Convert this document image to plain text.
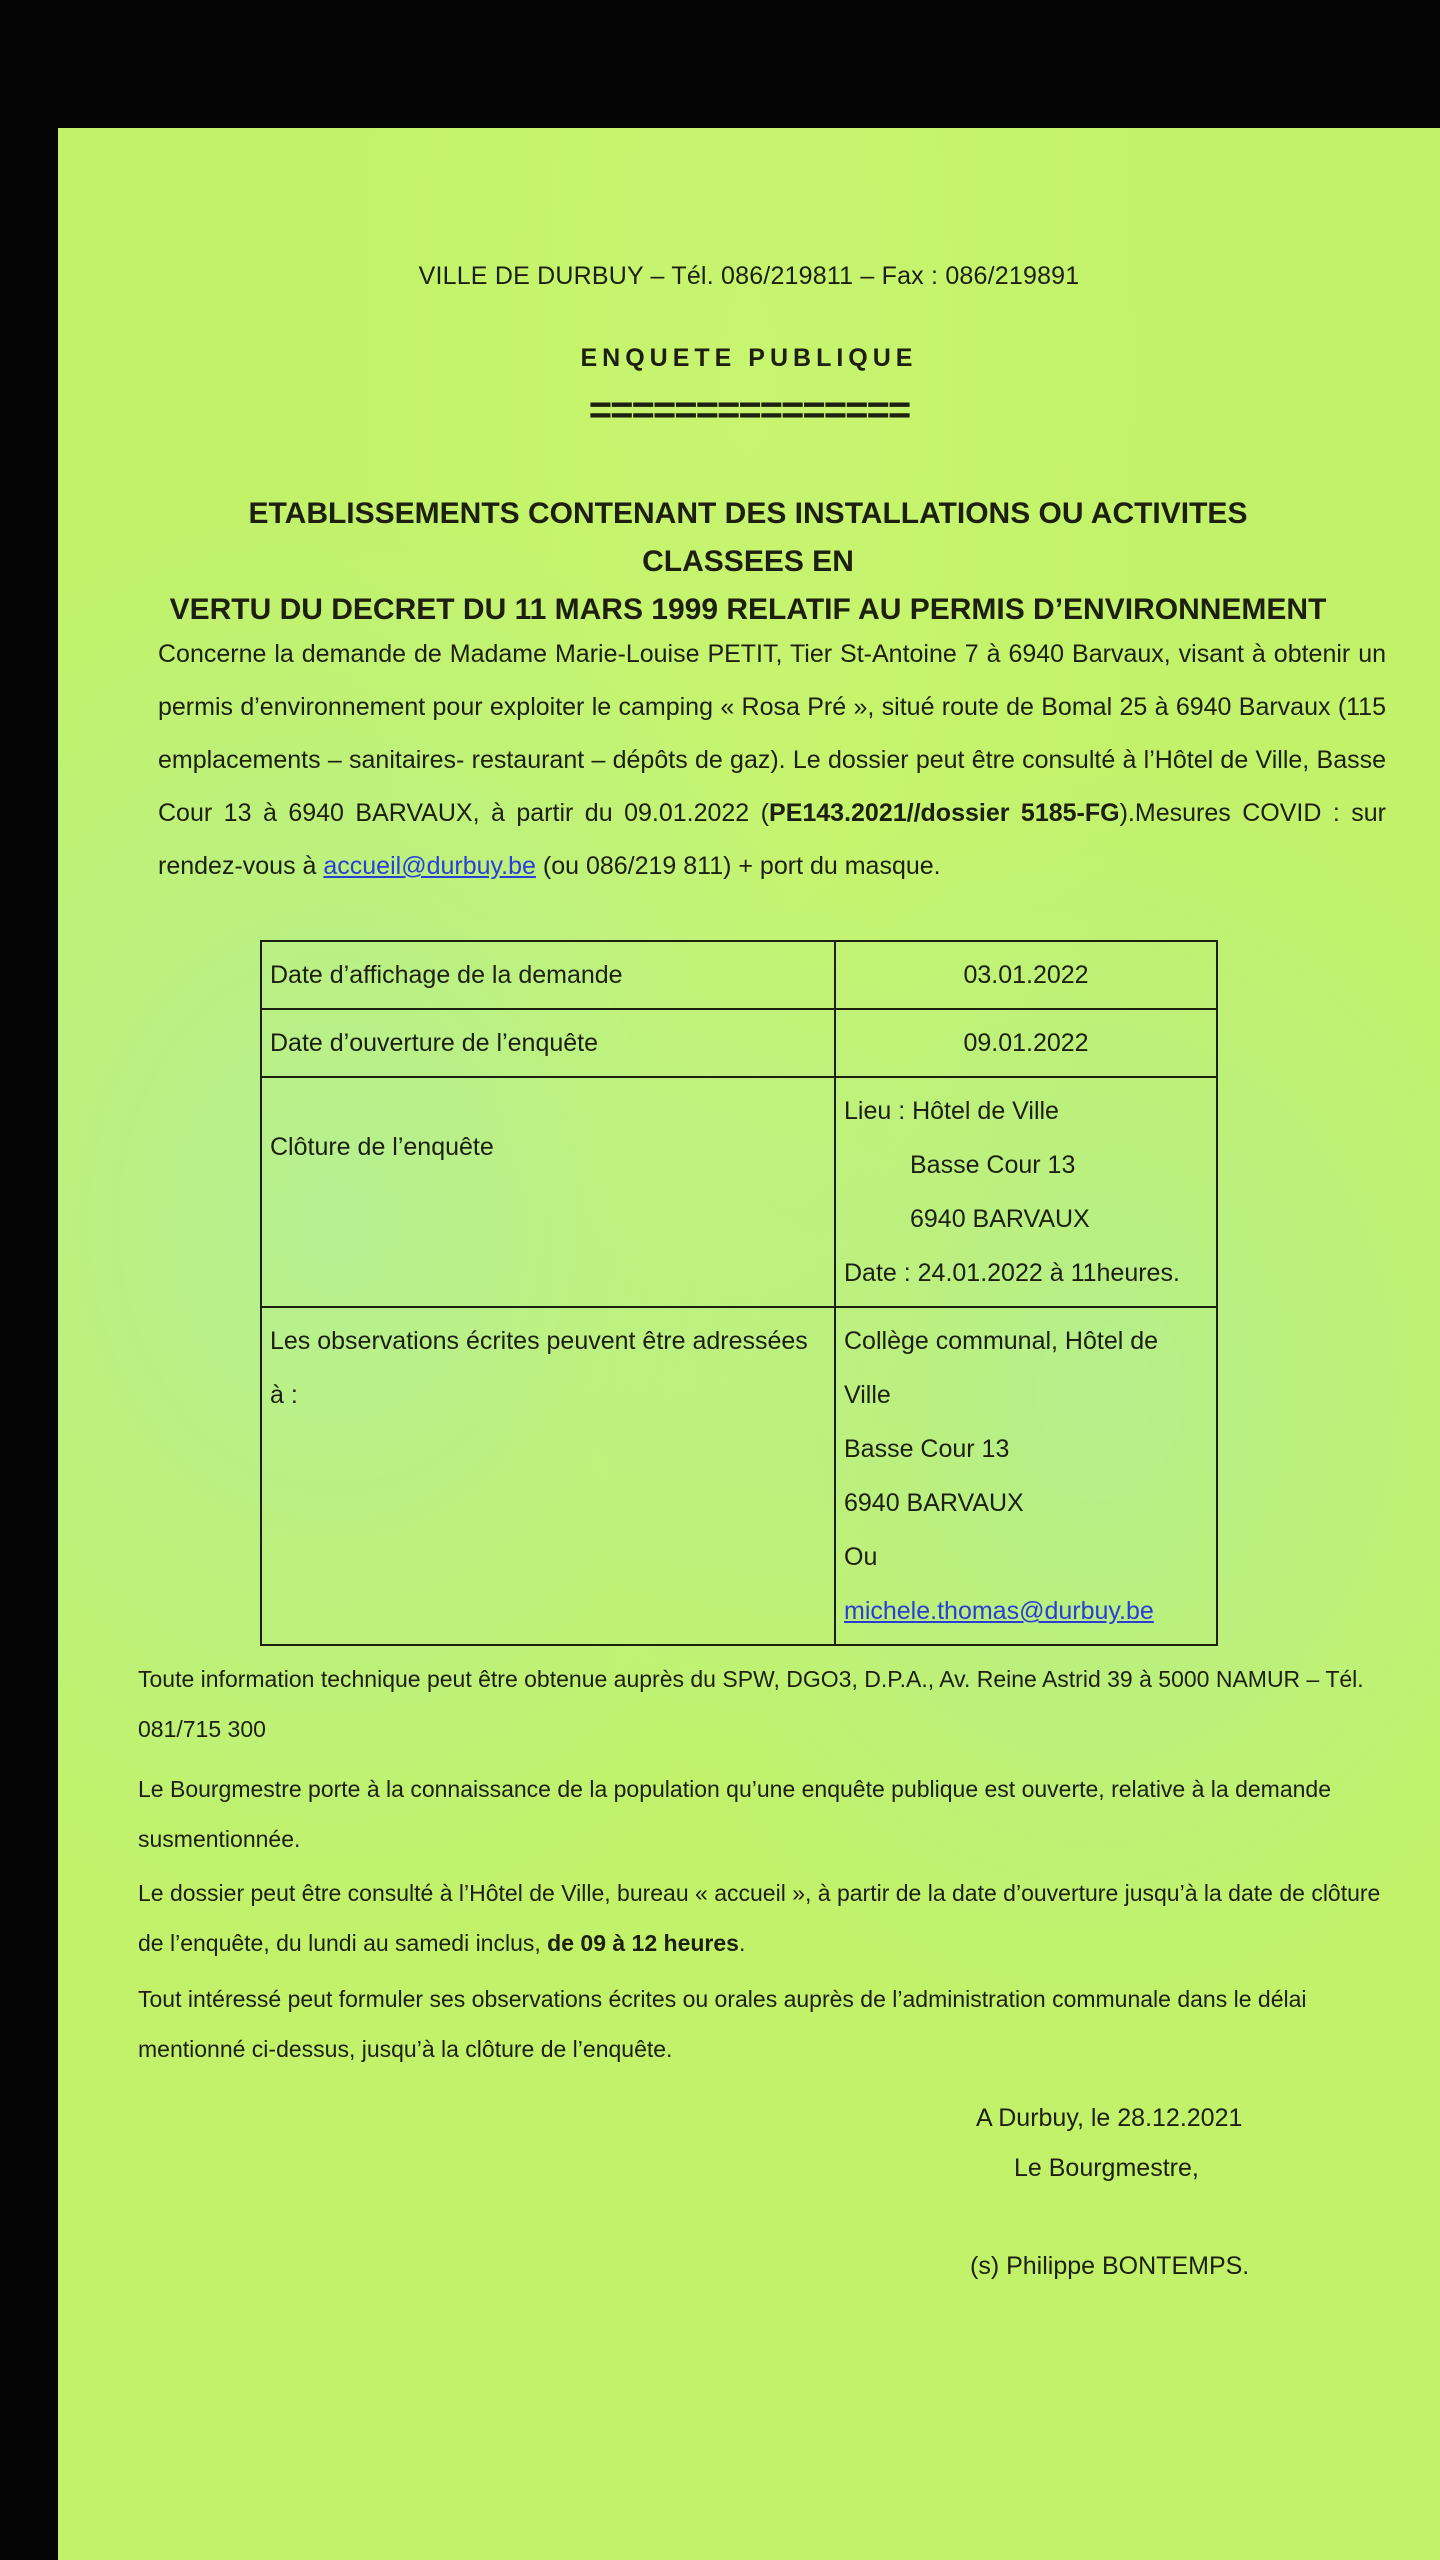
VILLE DE DURBUY – Tél. 086/219811 – Fax : 086/219891
ENQUETE PUBLIQUE
===============
ETABLISSEMENTS CONTENANT DES INSTALLATIONS OU ACTIVITES CLASSEES EN
VERTU DU DECRET DU 11 MARS 1999 RELATIF AU PERMIS D’ENVIRONNEMENT
Concerne la demande de Madame Marie-Louise PETIT, Tier St-Antoine 7 à 6940 Barvaux, visant à obtenir un permis d’environnement pour exploiter le camping « Rosa Pré », situé route de Bomal 25 à 6940 Barvaux (115 emplacements – sanitaires- restaurant – dépôts de gaz). Le dossier peut être consulté à l’Hôtel de Ville, Basse Cour 13 à 6940 BARVAUX, à partir du 09.01.2022 (PE143.2021//dossier 5185-FG).Mesures COVID : sur rendez-vous à accueil@durbuy.be (ou 086/219 811) + port du masque.
Date d’affichage de la demande	03.01.2022
Date d’ouverture de l’enquête	09.01.2022

Clôture de l’enquête	Lieu : Hôtel de Ville
Basse Cour 13
6940 BARVAUX
Date : 24.01.2022 à 11heures.

Les observations écrites peuvent être adressées à :	Collège communal, Hôtel de Ville
Basse Cour 13
6940 BARVAUX
Ou
michele.thomas@durbuy.be
Toute information technique peut être obtenue auprès du SPW, DGO3, D.P.A., Av. Reine Astrid 39 à 5000 NAMUR – Tél. 081/715 300
Le Bourgmestre porte à la connaissance de la population qu’une enquête publique est ouverte, relative à la demande susmentionnée.
Le dossier peut être consulté à l’Hôtel de Ville, bureau « accueil », à partir de la date d’ouverture jusqu’à la date de clôture de l’enquête, du lundi au samedi inclus, de 09 à 12 heures.
Tout intéressé peut formuler ses observations écrites ou orales auprès de l’administration communale dans le délai mentionné ci-dessus, jusqu’à la clôture de l’enquête.
A Durbuy, le 28.12.2021
Le Bourgmestre,
(s) Philippe BONTEMPS.
